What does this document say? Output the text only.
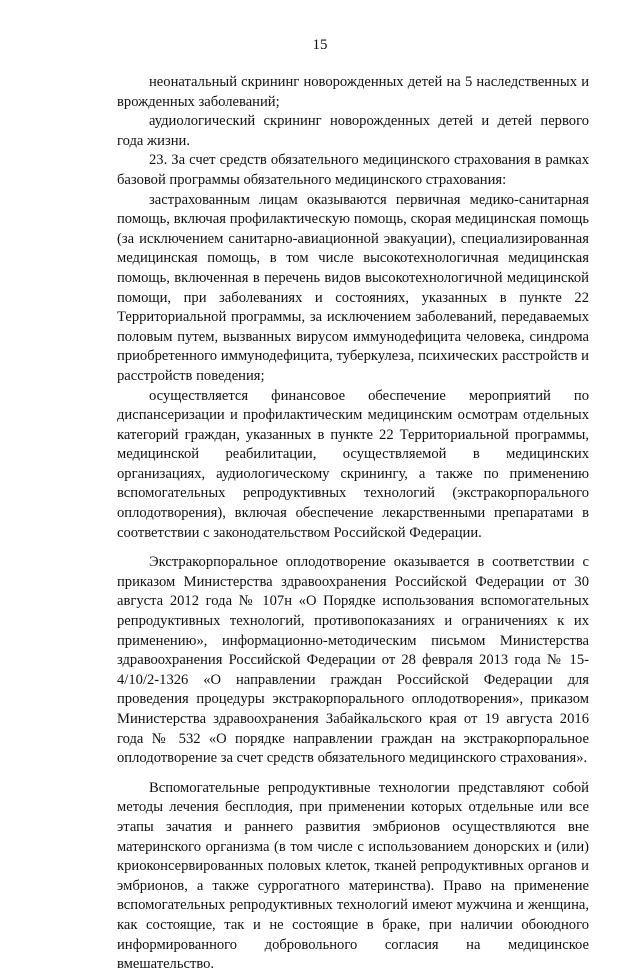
15

неонатальный скрининг новорожденных детей на 5 наследственных и врожденных заболеваний;

аудиологический скрининг новорожденных детей и детей первого года жизни.

23. За счет средств обязательного медицинского страхования в рамках базовой программы обязательного медицинского страхования:

застрахованным лицам оказываются первичная медико-санитарная помощь, включая профилактическую помощь, скорая медицинская помощь (за исключением санитарно-авиационной эвакуации), специализированная медицинская помощь, в том числе высокотехнологичная медицинская помощь, включенная в перечень видов высокотехнологичной медицинской помощи, при заболеваниях и состояниях, указанных в пункте 22 Территориальной программы, за исключением заболеваний, передаваемых половым путем, вызванных вирусом иммунодефицита человека, синдрома приобретенного иммунодефицита, туберкулеза, психических расстройств и расстройств поведения;

осуществляется финансовое обеспечение мероприятий по диспансеризации и профилактическим медицинским осмотрам отдельных категорий граждан, указанных в пункте 22 Территориальной программы, медицинской реабилитации, осуществляемой в медицинских организациях, аудиологическому скринингу, а также по применению вспомогательных репродуктивных технологий (экстракорпорального оплодотворения), включая обеспечение лекарственными препаратами в соответствии с законодательством Российской Федерации.

Экстракорпоральное оплодотворение оказывается в соответствии с приказом Министерства здравоохранения Российской Федерации от 30 августа 2012 года № 107н «О Порядке использования вспомогательных репродуктивных технологий, противопоказаниях и ограничениях к их применению», информационно-методическим письмом Министерства здравоохранения Российской Федерации от 28 февраля 2013 года № 15-4/10/2-1326 «О направлении граждан Российской Федерации для проведения процедуры экстракорпорального оплодотворения», приказом Министерства здравоохранения Забайкальского края от 19 августа 2016 года № 532 «О порядке направлении граждан на экстракорпоральное оплодотворение за счет средств обязательного медицинского страхования».

Вспомогательные репродуктивные технологии представляют собой методы лечения бесплодия, при применении которых отдельные или все этапы зачатия и раннего развития эмбрионов осуществляются вне материнского организма (в том числе с использованием донорских и (или) криоконсервированных половых клеток, тканей репродуктивных органов и эмбрионов, а также суррогатного материнства). Право на применение вспомогательных репродуктивных технологий имеют мужчина и женщина, как состоящие, так и не состоящие в браке, при наличии обоюдного информированного добровольного согласия на медицинское вмешательство.
